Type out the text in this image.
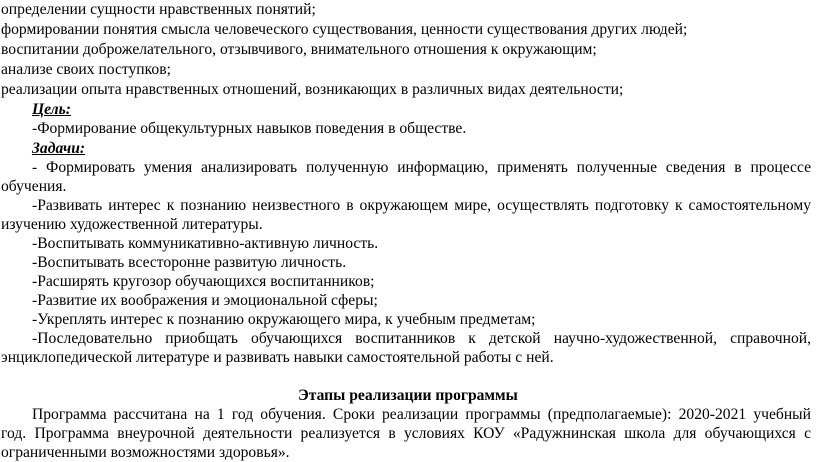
определении сущности нравственных понятий;
формировании понятия смысла человеческого существования, ценности существования других людей;
воспитании доброжелательного, отзывчивого, внимательного отношения к окружающим;
анализе своих поступков;
реализации опыта нравственных отношений, возникающих в различных видах деятельности;
Цель:
-Формирование общекультурных навыков поведения в обществе.
Задачи:
- Формировать умения анализировать полученную информацию, применять полученные сведения в процессе
обучения.
-Развивать интерес к познанию неизвестного в окружающем мире, осуществлять подготовку к самостоятельному
изучению художественной литературы.
-Воспитывать коммуникативно-активную личность.
-Воспитывать всесторонне развитую личность.
-Расширять кругозор обучающихся воспитанников;
-Развитие их воображения и эмоциональной сферы;
-Укреплять интерес к познанию окружающего мира, к учебным предметам;
-Последовательно приобщать обучающихся воспитанников к детской научно-художественной, справочной,
энциклопедической литературе и развивать навыки самостоятельной работы с ней.
Этапы реализации программы
Программа рассчитана на 1 год обучения. Сроки реализации программы (предполагаемые): 2020-2021 учебный
год. Программа внеурочной деятельности реализуется в условиях КОУ «Радужнинская школа для обучающихся с
ограниченными возможностями здоровья».
